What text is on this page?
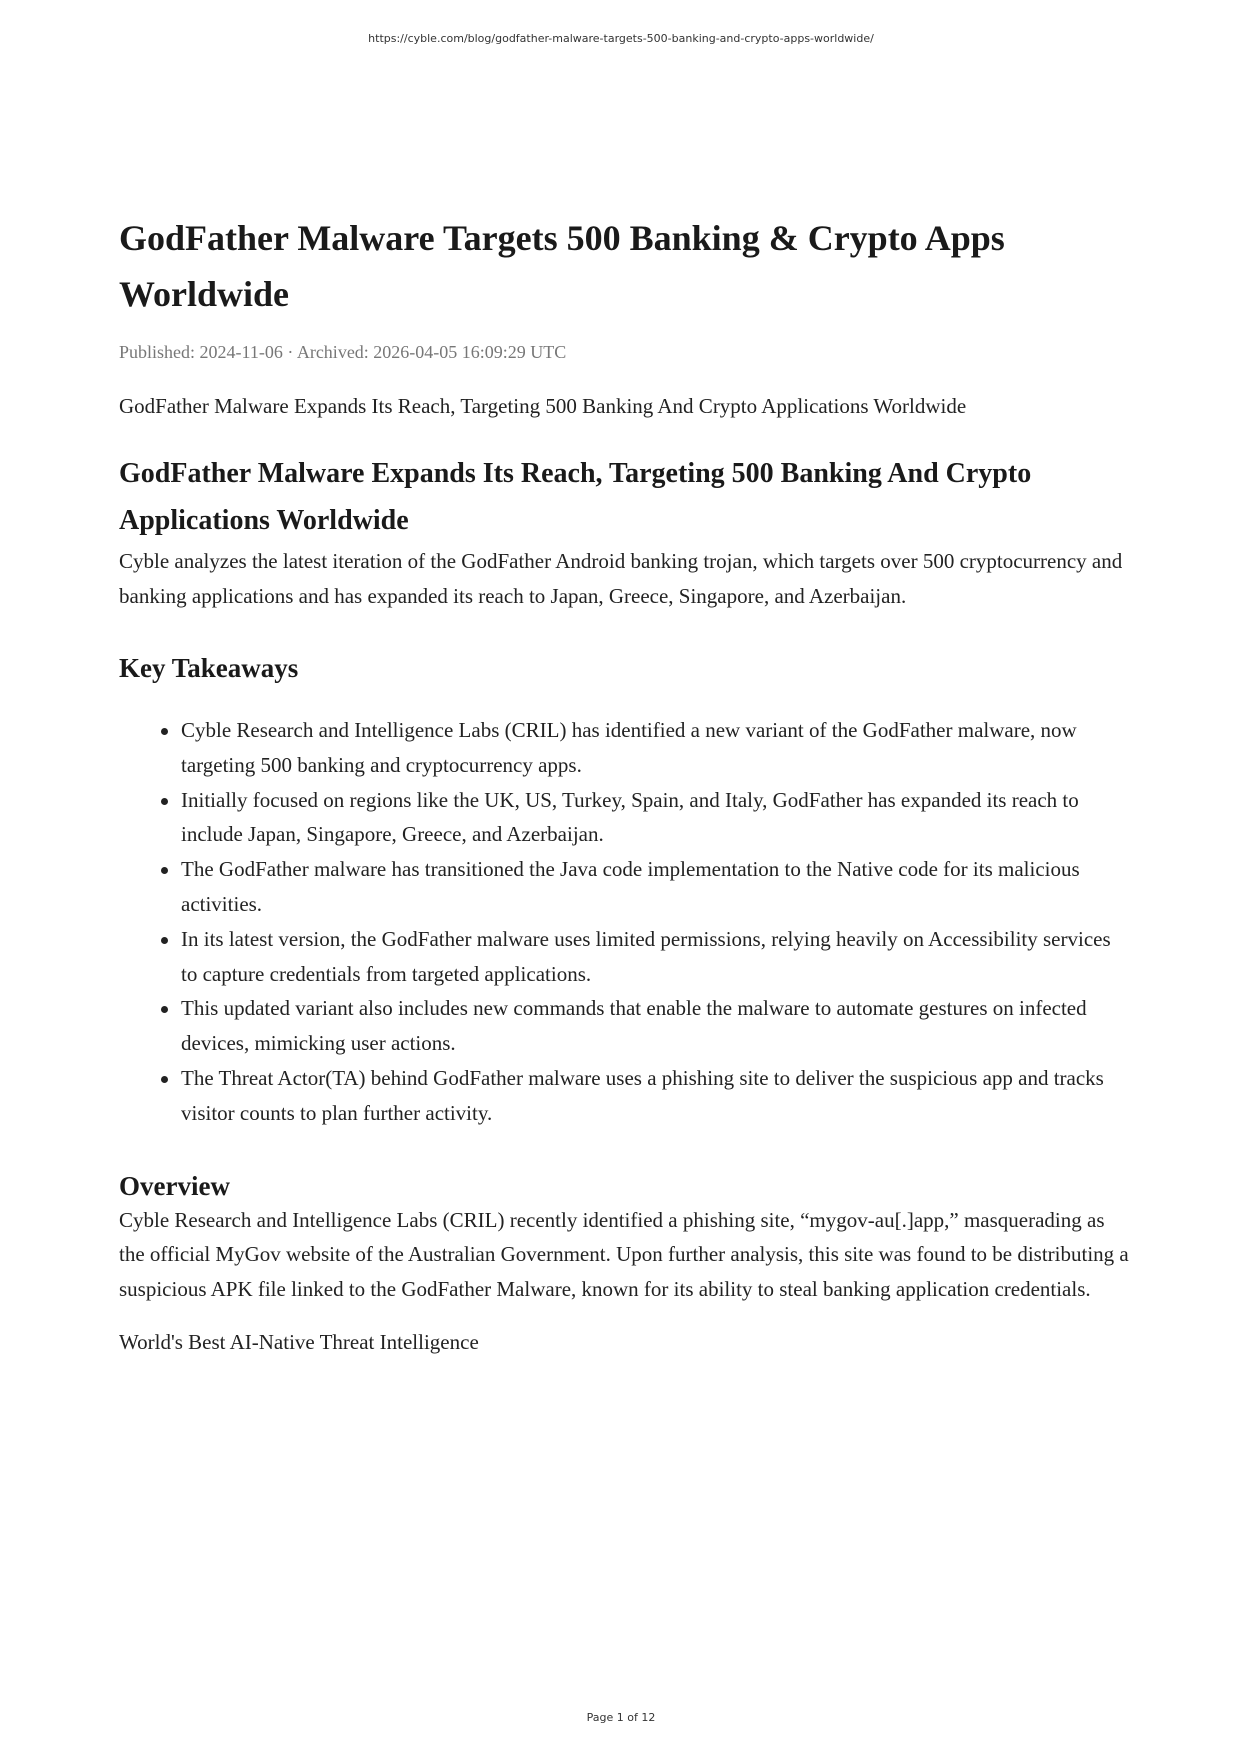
https://cyble.com/blog/godfather-malware-targets-500-banking-and-crypto-apps-worldwide/
GodFather Malware Targets 500 Banking & Crypto Apps Worldwide
Published: 2024-11-06 · Archived: 2026-04-05 16:09:29 UTC
GodFather Malware Expands Its Reach, Targeting 500 Banking And Crypto Applications Worldwide
GodFather Malware Expands Its Reach, Targeting 500 Banking And Crypto Applications Worldwide

Cyble analyzes the latest iteration of the GodFather Android banking trojan, which targets over 500 cryptocurrency and banking applications and has expanded its reach to Japan, Greece, Singapore, and Azerbaijan.

Key Takeaways
Cyble Research and Intelligence Labs (CRIL) has identified a new variant of the GodFather malware, now targeting 500 banking and cryptocurrency apps.
Initially focused on regions like the UK, US, Turkey, Spain, and Italy, GodFather has expanded its reach to include Japan, Singapore, Greece, and Azerbaijan.
The GodFather malware has transitioned the Java code implementation to the Native code for its malicious activities.
In its latest version, the GodFather malware uses limited permissions, relying heavily on Accessibility services to capture credentials from targeted applications.
This updated variant also includes new commands that enable the malware to automate gestures on infected devices, mimicking user actions.
The Threat Actor(TA) behind GodFather malware uses a phishing site to deliver the suspicious app and tracks visitor counts to plan further activity.
Overview

Cyble Research and Intelligence Labs (CRIL) recently identified a phishing site, “mygov-au[.]app,” masquerading as the official MyGov website of the Australian Government. Upon further analysis, this site was found to be distributing a suspicious APK file linked to the GodFather Malware, known for its ability to steal banking application credentials.

World's Best AI-Native Threat Intelligence
Page 1 of 12
